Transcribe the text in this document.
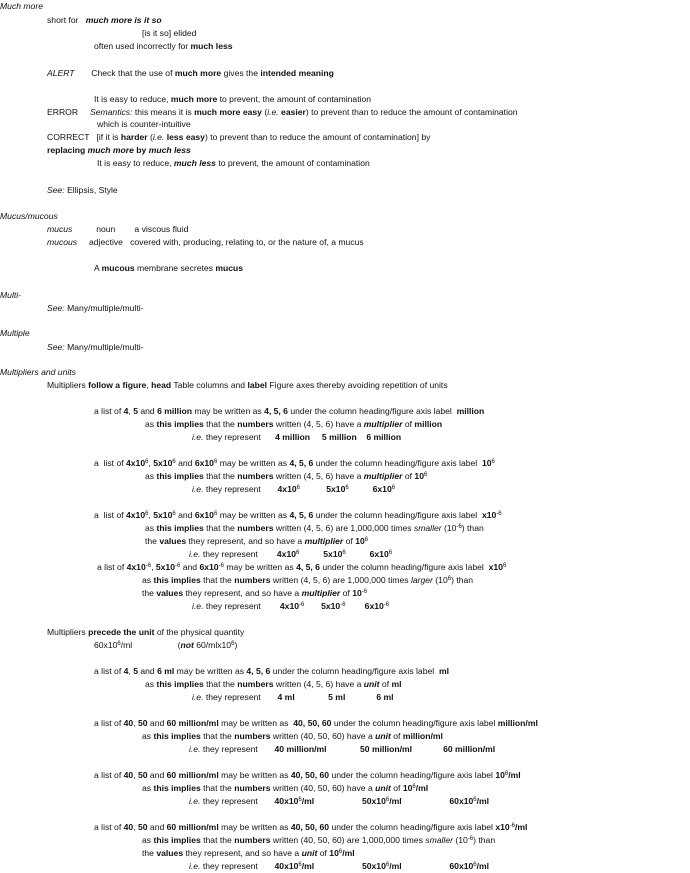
Much more
short for   much more is it so
[is it so] elided
often used incorrectly for much less
ALERT       Check that the use of much more gives the intended meaning
It is easy to reduce, much more to prevent, the amount of contamination
ERROR     Semantics: this means it is much more easy (i.e. easier) to prevent than to reduce the amount of contamination
which is counter-intuitive
CORRECT   [if it is harder (i.e. less easy) to prevent than to reduce the amount of contamination] by
replacing much more by much less
It is easy to reduce, much less to prevent, the amount of contamination
See: Ellipsis, Style
Mucus/mucous
mucus          noun        a viscous fluid
mucous     adjective   covered with, producing, relating to, or the nature of, a mucus
A mucous membrane secretes mucus
Multi-
See: Many/multiple/multi-
Multiple
See: Many/multiple/multi-
Multipliers and units
Multipliers follow a figure, head Table columns and label Figure axes thereby avoiding repetition of units
a list of 4, 5 and 6 million may be written as 4, 5, 6 under the column heading/figure axis label  million
as this implies that the numbers written (4, 5, 6) have a multiplier of million
i.e. they represent      4 million     5 million    6 million
a  list of $4x10^6$, $5x10^6$ and $6x10^6$ may be written as 4, 5, 6 under the column heading/figure axis label  $10^6$
as this implies that the numbers written (4, 5, 6) have a multiplier of $10^6$
i.e. they represent       $4x10^6$	$5x10^6$	$6x10^6$
a  list of $4x10^6$, $5x10^6$ and $6x10^6$ may be written as 4, 5, 6 under the column heading/figure axis label  $x10^{-6}$
as this implies that the numbers written (4, 5, 6) are 1,000,000 times smaller $(10^{-6})$ than
the values they represent, and so have a multiplier of $10^6$
i.e. they represent        $4x10^6$	$5x10^6$	$6x10^6$
a list of $4x10^{-6}$, $5x10^{-6}$ and $6x10^{-6}$ may be written as 4, 5, 6 under the column heading/figure axis label  $x10^6$
as this implies that the numbers written (4, 5, 6) are 1,000,000 times larger $(10^6)$ than
the values they represent, and so have a multiplier of $10^{-6}$
i.e. they represent        $4x10^{-6}$ $5x10^{-6}$ $6x10^{-6}$
Multipliers precede the unit of the physical quantity
$60x10^6/ml$                   (not $60/mlx10^6$)
a list of 4, 5 and 6 ml may be written as 4, 5, 6 under the column heading/figure axis label  ml
as this implies that the numbers written (4, 5, 6) have a unit of ml
i.e. they represent       4 ml              5 ml             6 ml
a list of 40, 50 and 60 million/ml may be written as  40, 50, 60 under the column heading/figure axis label million/ml
as this implies that the numbers written (40, 50, 60) have a unit of million/ml
i.e. they represent       40 million/ml              50 million/ml             60 million/ml
a list of 40, 50 and 60 million/ml may be written as 40, 50, 60 under the column heading/figure axis label $10^6/ml$
as this implies that the numbers written (40, 50, 60) have a unit of $10^6/ml$
i.e. they represent       $40x10^6/ml$	$50x10^6/ml$	$60x10^6/ml$
a list of 40, 50 and 60 million/ml may be written as 40, 50, 60 under the column heading/figure axis label $x10^{-6}/ml$
as this implies that the numbers written (40, 50, 60) are 1,000,000 times smaller $(10^{-6})$ than
the values they represent, and so have a unit of $10^6/ml$
i.e. they represent       $40x10^6/ml$	$50x10^6/ml$	$60x10^6/ml$
